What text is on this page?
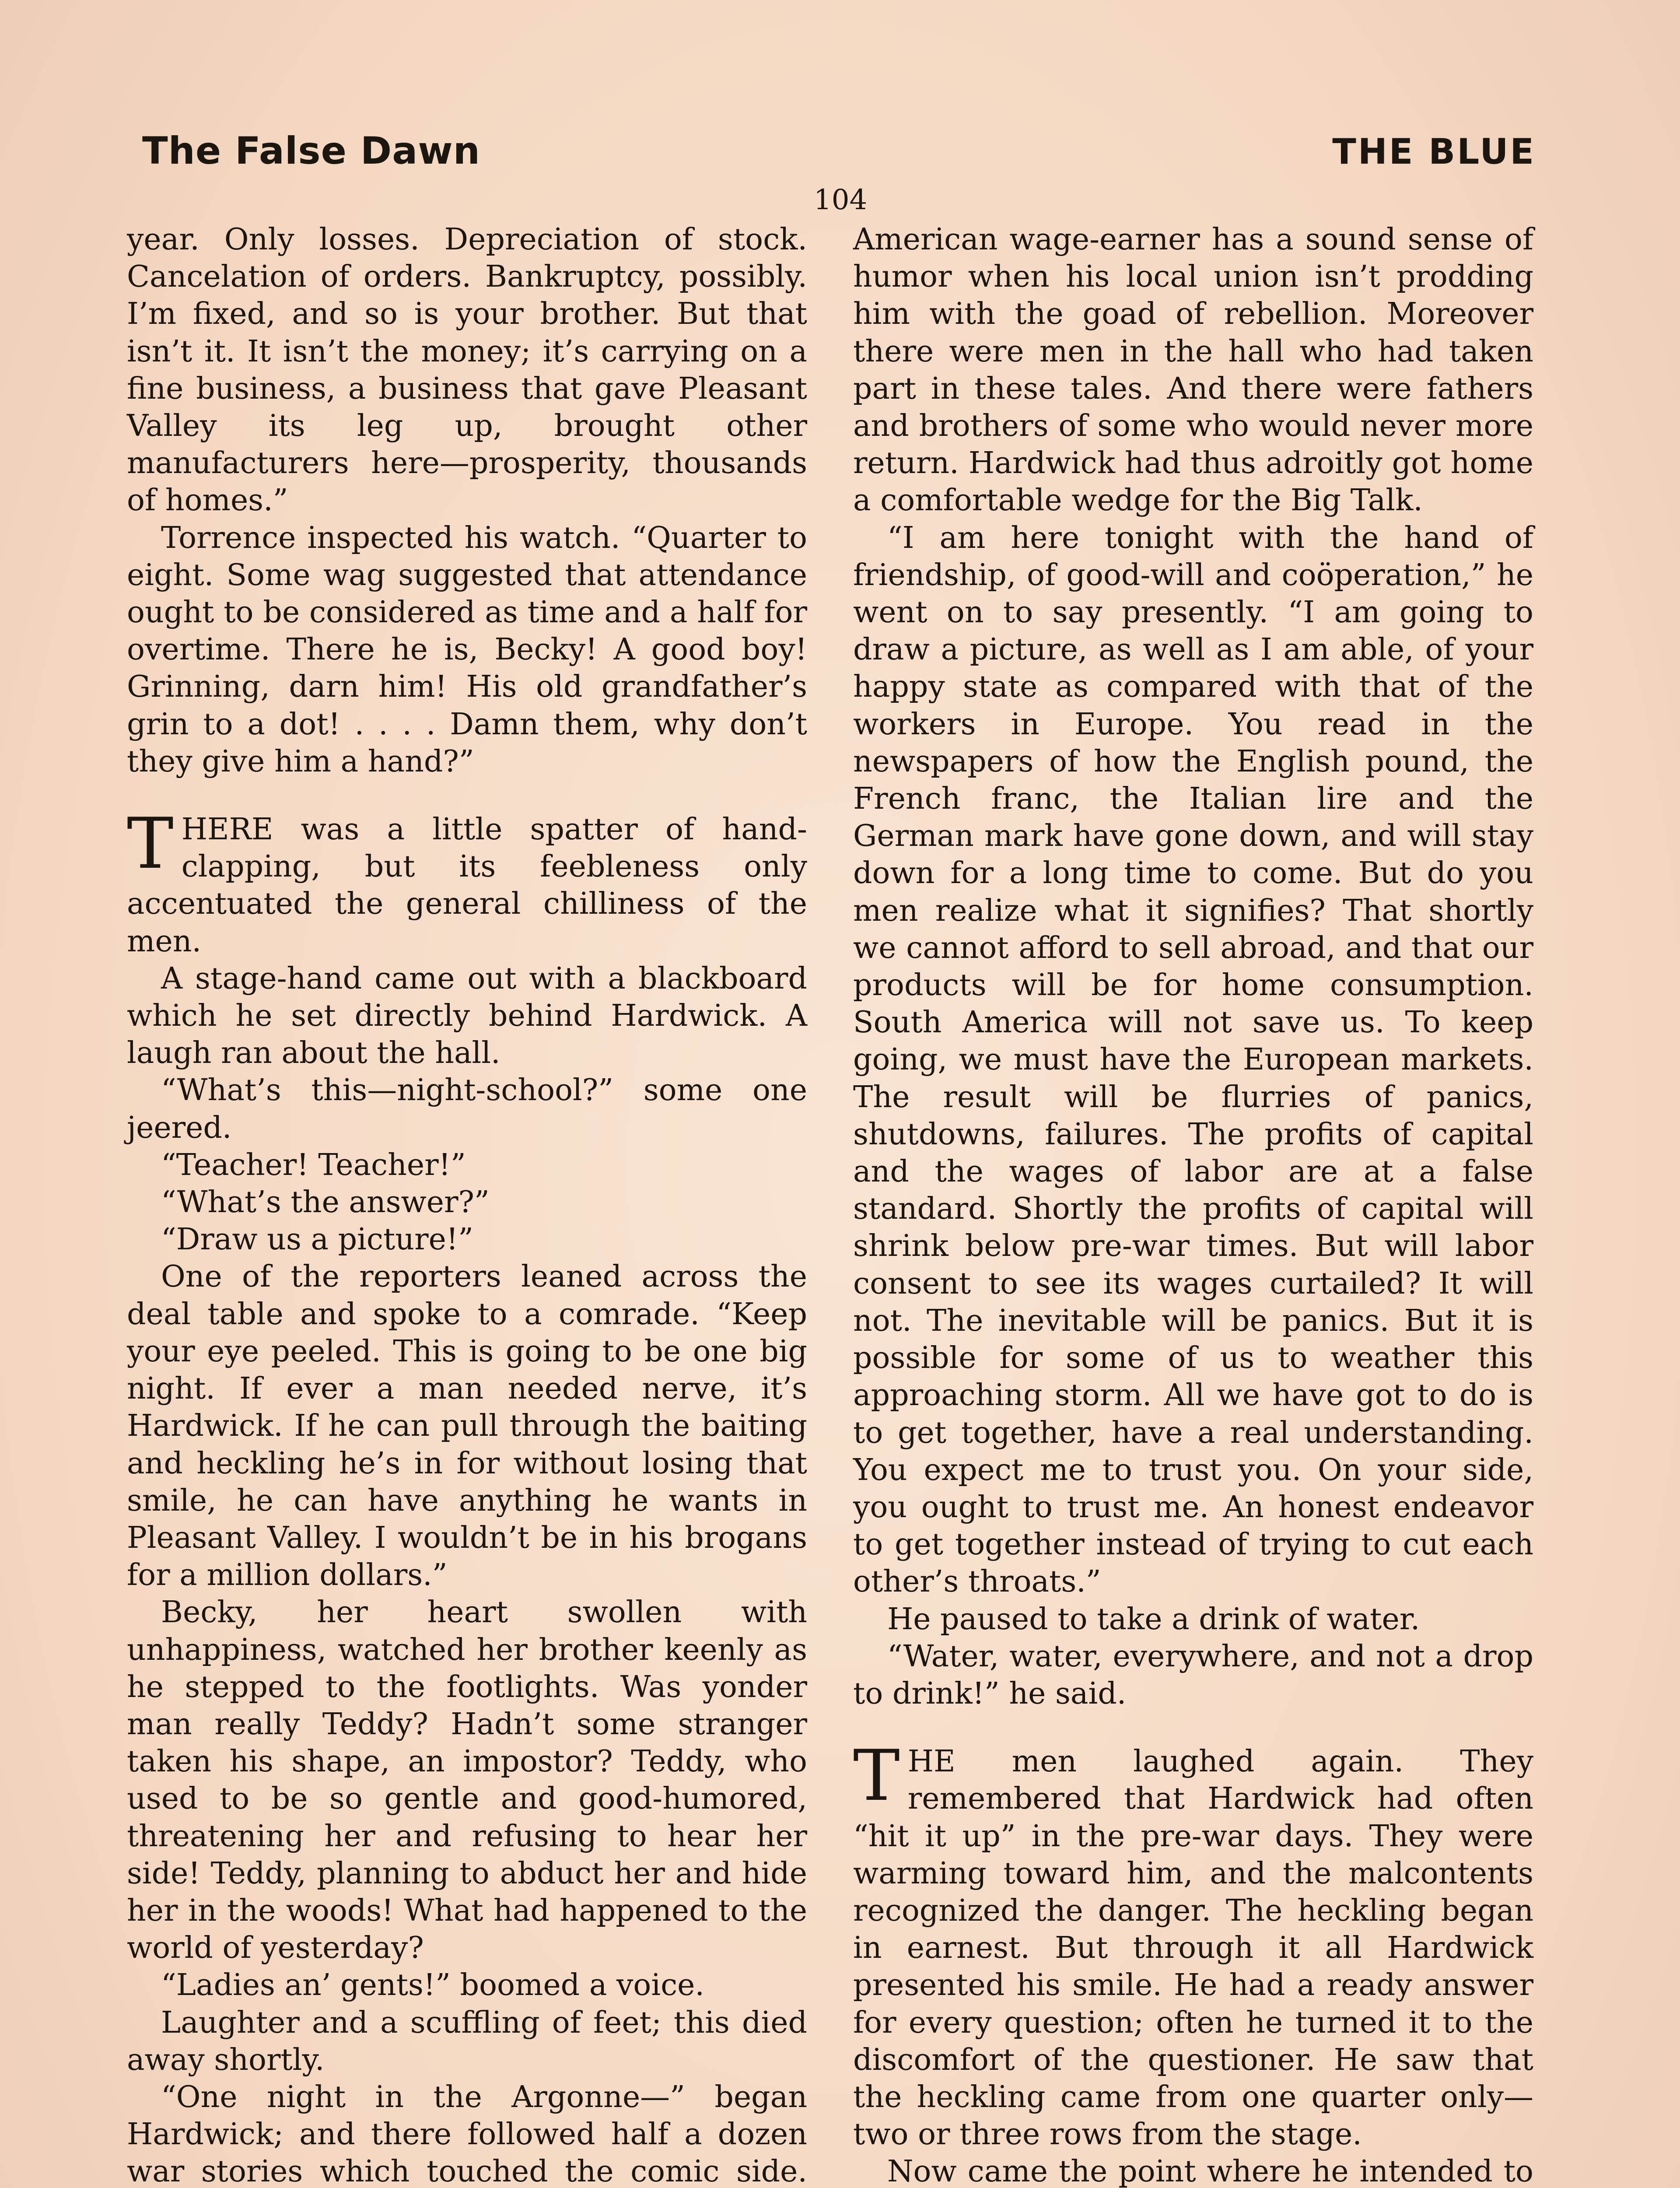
The False Dawn	THE BLUE
104

year. Only losses. Depreciation of stock. Cancelation of orders. Bankruptcy, possibly. I’m fixed, and so is your brother. But that isn’t it. It isn’t the money; it’s carrying on a fine business, a business that gave Pleasant Valley its leg up, brought other manufacturers here—prosperity, thousands of homes.”

Torrence inspected his watch. “Quarter to eight. Some wag suggested that attendance ought to be considered as time and a half for overtime. There he is, Becky! A good boy! Grinning, darn him! His old grandfather’s grin to a dot! . . . . Damn them, why don’t they give him a hand?”

THERE was a little spatter of hand-clapping, but its feebleness only accentuated the general chilliness of the men.

A stage-hand came out with a blackboard which he set directly behind Hardwick. A laugh ran about the hall.

“What’s this—night-school?” some one jeered.

“Teacher! Teacher!”

“What’s the answer?”

“Draw us a picture!”

One of the reporters leaned across the deal table and spoke to a comrade. “Keep your eye peeled. This is going to be one big night. If ever a man needed nerve, it’s Hardwick. If he can pull through the baiting and heckling he’s in for without losing that smile, he can have anything he wants in Pleasant Valley. I wouldn’t be in his brogans for a million dollars.”

Becky, her heart swollen with unhappiness, watched her brother keenly as he stepped to the footlights. Was yonder man really Teddy? Hadn’t some stranger taken his shape, an impostor? Teddy, who used to be so gentle and good-humored, threatening her and refusing to hear her side! Teddy, planning to abduct her and hide her in the woods! What had happened to the world of yesterday?

“Ladies an’ gents!” boomed a voice.

Laughter and a scuffling of feet; this died away shortly.

“One night in the Argonne—” began Hardwick; and there followed half a dozen war stories which touched the comic side.

American wage-earner has a sound sense of humor when his local union isn’t prodding him with the goad of rebellion. Moreover there were men in the hall who had taken part in these tales. And there were fathers and brothers of some who would never more return. Hardwick had thus adroitly got home a comfortable wedge for the Big Talk.

“I am here tonight with the hand of friendship, of good-will and coöperation,” he went on to say presently. “I am going to draw a picture, as well as I am able, of your happy state as compared with that of the workers in Europe. You read in the newspapers of how the English pound, the French franc, the Italian lire and the German mark have gone down, and will stay down for a long time to come. But do you men realize what it signifies? That shortly we cannot afford to sell abroad, and that our products will be for home consumption. South America will not save us. To keep going, we must have the European markets. The result will be flurries of panics, shutdowns, failures. The profits of capital and the wages of labor are at a false standard. Shortly the profits of capital will shrink below pre-war times. But will labor consent to see its wages curtailed? It will not. The inevitable will be panics. But it is possible for some of us to weather this approaching storm. All we have got to do is to get together, have a real understanding. You expect me to trust you. On your side, you ought to trust me. An honest endeavor to get together instead of trying to cut each other’s throats.”

He paused to take a drink of water.

“Water, water, everywhere, and not a drop to drink!” he said.

THE men laughed again. They remembered that Hardwick had often “hit it up” in the pre-war days. They were warming toward him, and the malcontents recognized the danger. The heckling began in earnest. But through it all Hardwick presented his smile. He had a ready answer for every question; often he turned it to the discomfort of the questioner. He saw that the heckling came from one quarter only—two or three rows from the stage.

Now came the point where he intended to
